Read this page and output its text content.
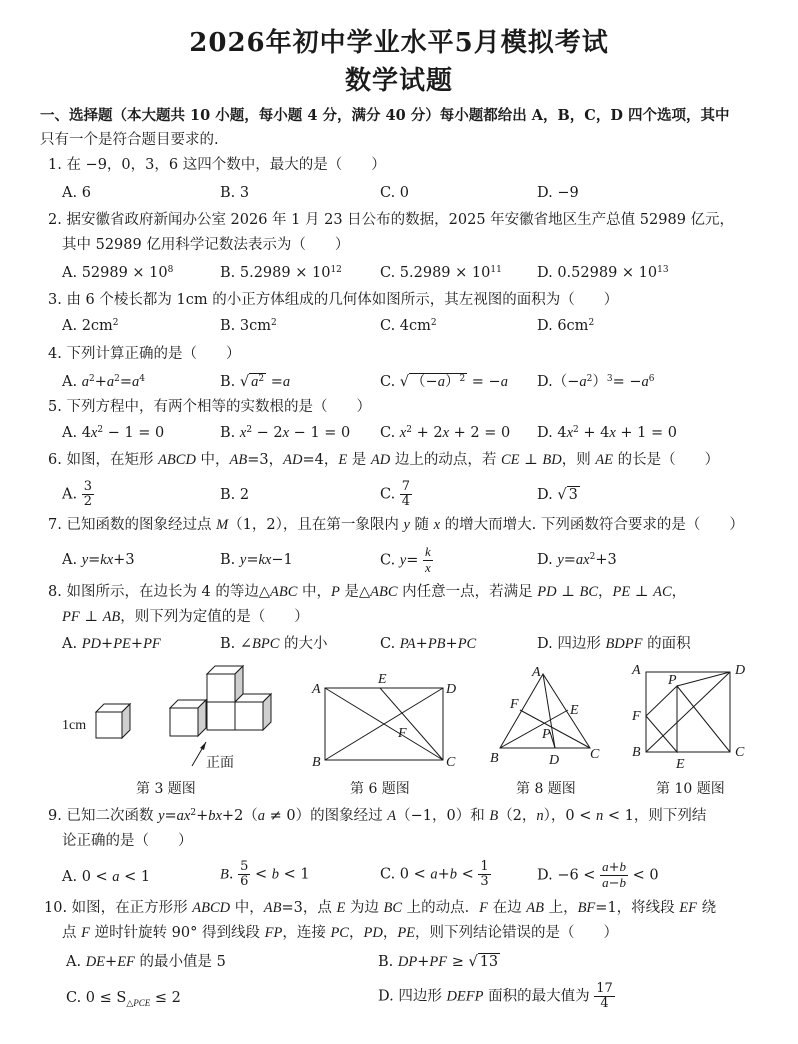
2026年初中学业水平5月模拟考试
数学试题
一、选择题（本大题共 10 小题，每小题 4 分，满分 40 分）每小题都给出 A，B，C，D 四个选项，其中
只有一个是符合题目要求的.
1. 在 −9，0，3，6 这四个数中，最大的是（　　）
A. 6	B. 3	C. 0	D. −9
2. 据安徽省政府新闻办公室 2026 年 1 月 23 日公布的数据，2025 年安徽省地区生产总值 52989 亿元，
其中 52989 亿用科学记数法表示为（　　）
A. $52989 \times 10^8$	B. $5.2989 \times 10^{12}$	C. $5.2989 \times 10^{11}$ D. $0.52989 \times 10^{13}$
3. 由 6 个棱长都为 1cm 的小正方体组成的几何体如图所示，其左视图的面积为（　　）
A. $2cm^2$	B. $3cm^2$	C. $4cm^2$	D. $6cm^2$
4. 下列计算正确的是（　　）
A. $a^2+a^2=a^4$	B. √ $a^2 =a$	C. √ $(-a)^2 = -a$ $D.(-a^2)^3= -a^6$
5. 下列方程中，有两个相等的实数根的是（　　）
A. $4x^2 - 1 = 0$	B. $x^2 - 2x - 1 = 0$ C. $x^2 + 2x + 2 = 0$ D. $4x^2 + 4x + 1 = 0$
6. 如图，在矩形 ABCD 中，AB=3，AD=4，E 是 AD 边上的动点，若 CE ⊥ BD，则 AE 的长是（　　）
A. $\frac{3}{2}$	B. 2	C. $\frac{7}{4}$	D. √ 3
7. 已知函数的图象经过点 M（1，2），且在第一象限内 y 随 x 的增大而增大. 下列函数符合要求的是（　　）
A. y=kx+3	B. y=kx−1	C. $y= \frac{k}{x}$	D. $y=ax^2+3$
8. 如图所示，在边长为 4 的等边△ABC 中，P 是△ABC 内任意一点，若满足 PD ⊥ BC，PE ⊥ AC，
PF ⊥ AB，则下列为定值的是（　　）
A. PD+PE+PF	B. ∠BPC 的大小	C. PA+PB+PC	D. 四边形 BDPF 的面积
1cm
正面
A
E
D
B	C
F
A
F	E
P
B	D C
A
P
D
F
B
E
C
第 3 题图	第 6 题图	第 8 题图	第 10 题图
9. 已知二次函数 $y=ax^2+bx+2(a \ne 0)$的图象经过 A（−1，0）和 B（2，n），0 < n < 1，则下列结
论正确的是（　　）
A. 0 < a < 1	B. $\frac{5}{6} < b < 1$	C. $0 < a+b < \frac{1}{3}$	D. $-6 < \frac{a+b}{a-b} < 0$
10. 如图，在正方形形 ABCD 中，AB=3，点 E 为边 BC 上的动点．F 在边 AB 上，BF=1，将线段 EF 绕
点 F 逆时针旋转 90° 得到线段 FP，连接 PC，PD，PE，则下列结论错误的是（　　）
A. DE+EF 的最小值是 5	B. DP+PF ≥ √ 13
C. $0 \le S_{\triangle PCE} \le 2$	D. 四边形 DEFP 面积的最大值为 $\frac{17}{4}$
